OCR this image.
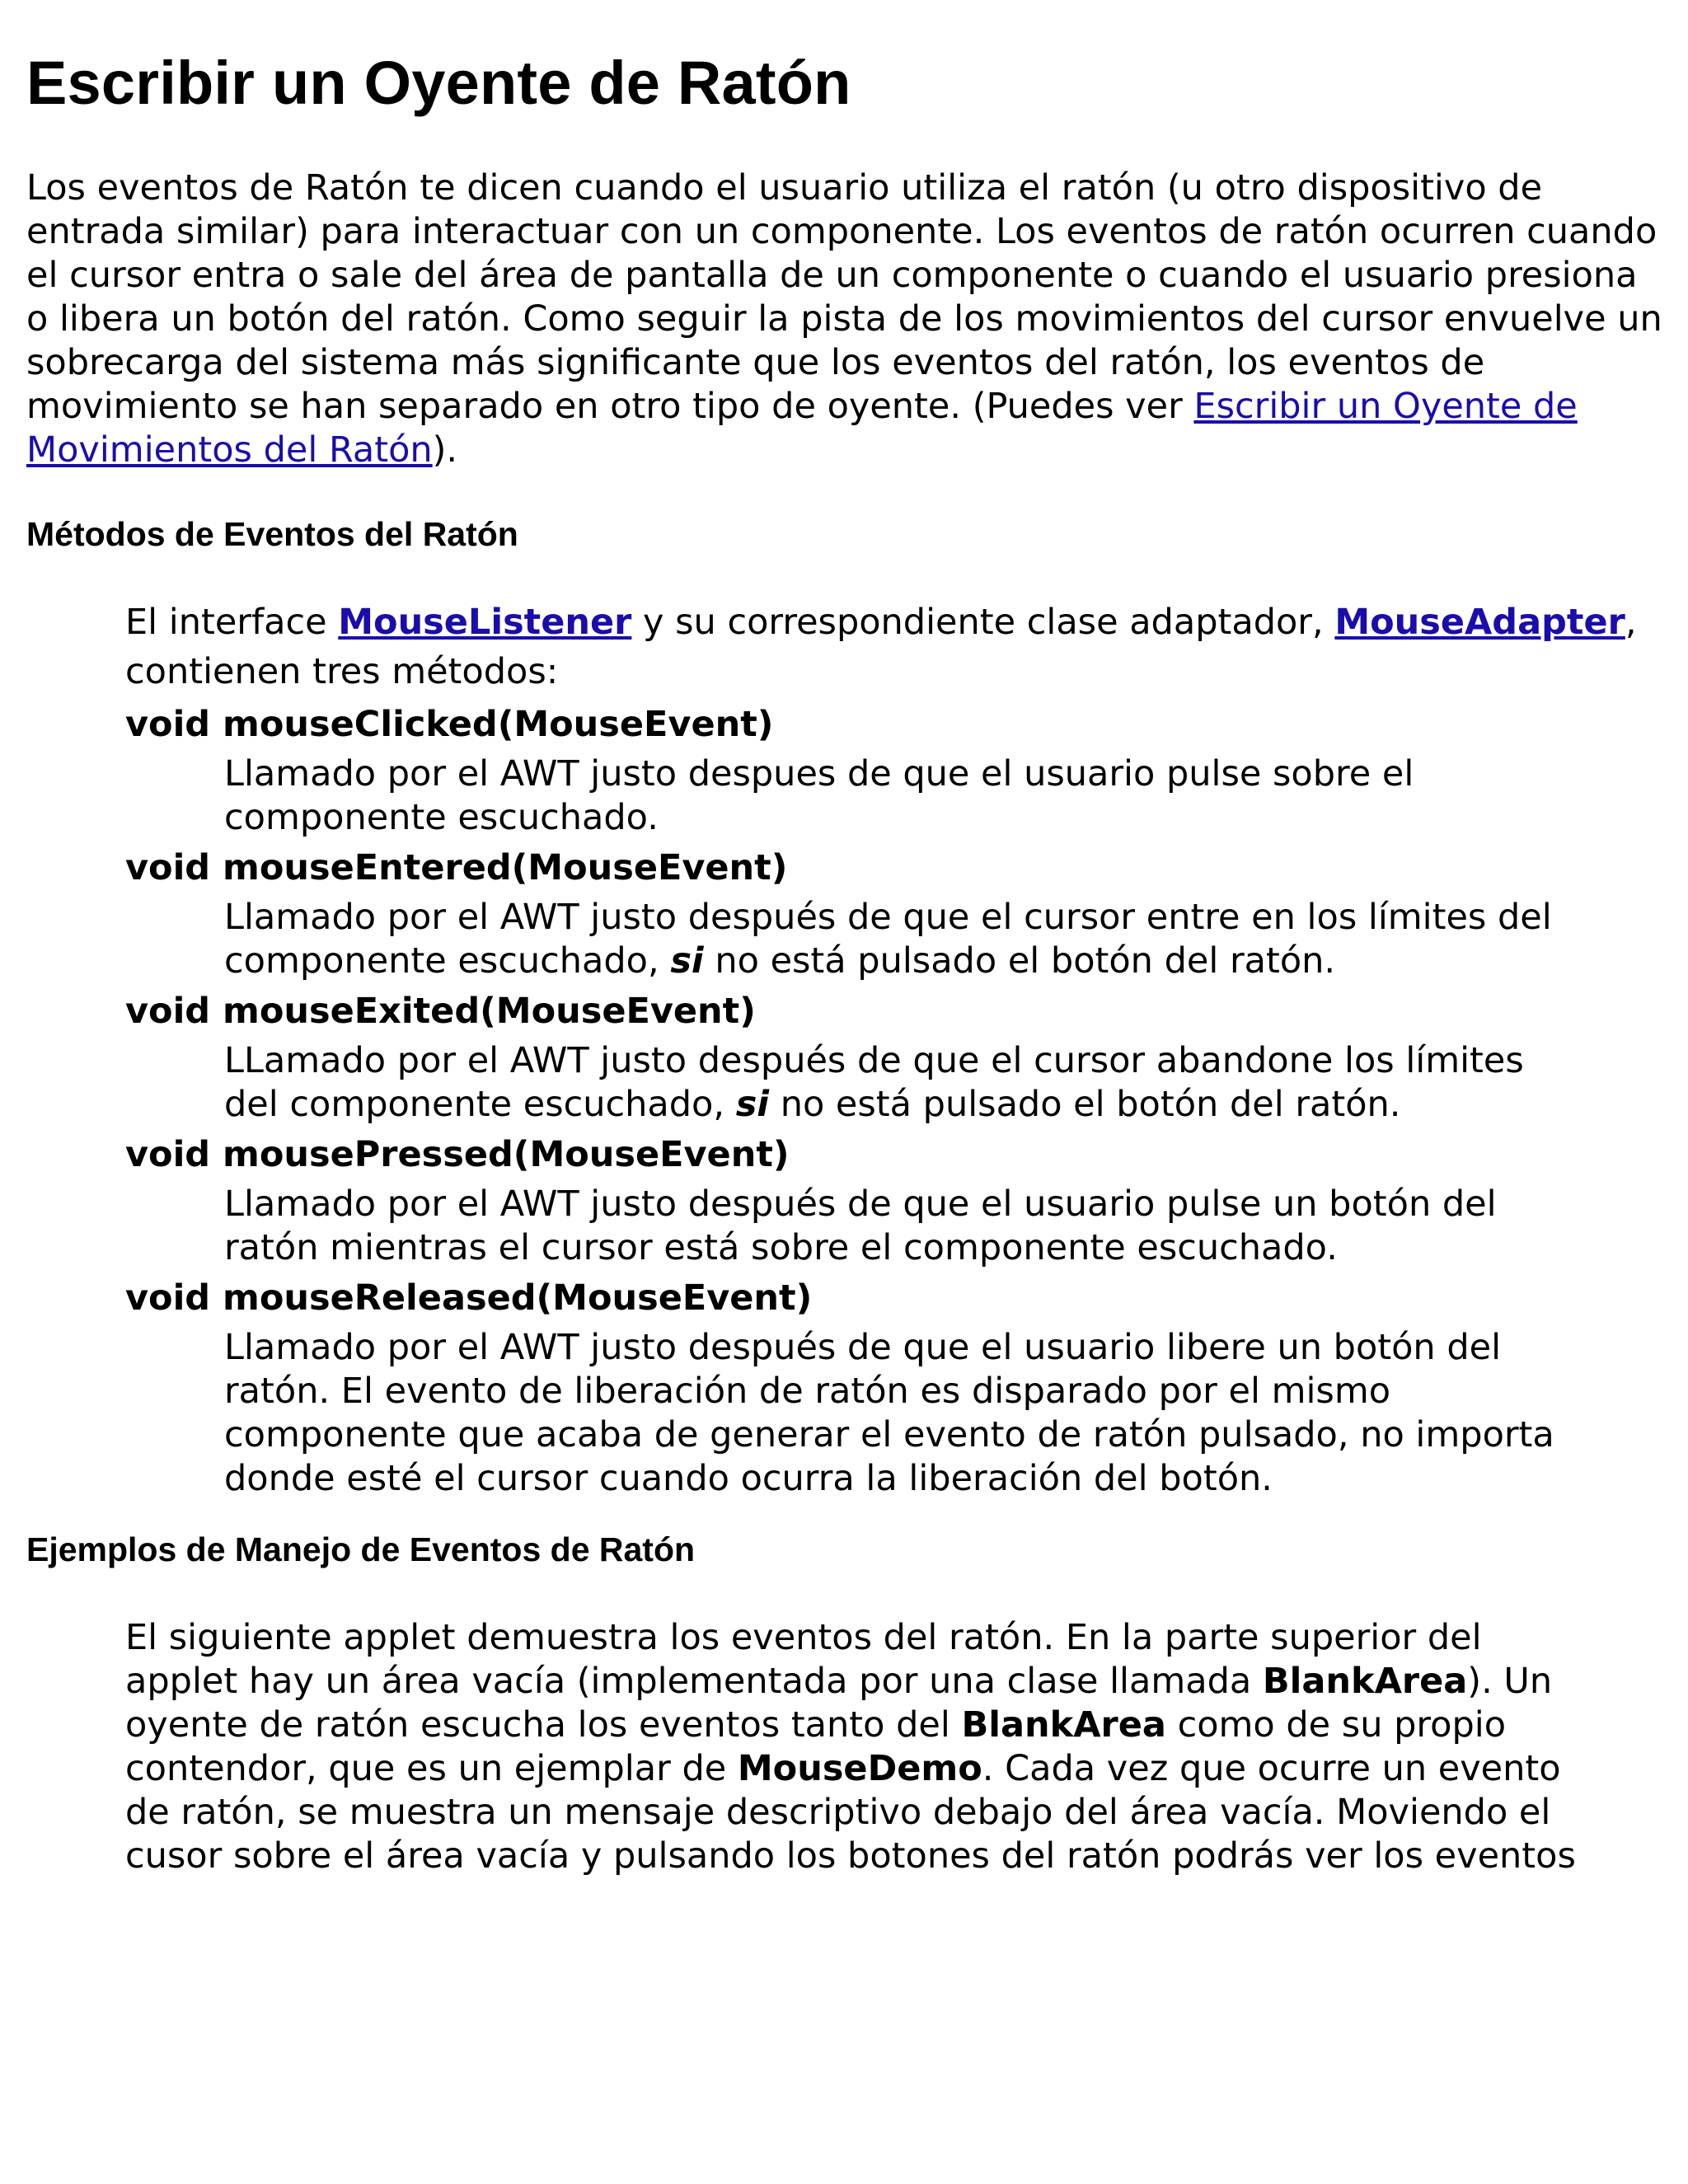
Escribir un Oyente de Ratón

Los eventos de Ratón te dicen cuando el usuario utiliza el ratón (u otro dispositivo de entrada similar) para interactuar con un componente. Los eventos de ratón ocurren cuando el cursor entra o sale del área de pantalla de un componente o cuando el usuario presiona o libera un botón del ratón. Como seguir la pista de los movimientos del cursor envuelve un sobrecarga del sistema más significante que los eventos del ratón, los eventos de movimiento se han separado en otro tipo de oyente. (Puedes ver Escribir un Oyente de Movimientos del Ratón).

Métodos de Eventos del Ratón

El interface MouseListener y su correspondiente clase adaptador, MouseAdapter, contienen tres métodos:

void mouseClicked(MouseEvent)
Llamado por el AWT justo despues de que el usuario pulse sobre el componente escuchado.
void mouseEntered(MouseEvent)
Llamado por el AWT justo después de que el cursor entre en los límites del componente escuchado, si no está pulsado el botón del ratón.
void mouseExited(MouseEvent)
LLamado por el AWT justo después de que el cursor abandone los límites del componente escuchado, si no está pulsado el botón del ratón.
void mousePressed(MouseEvent)
Llamado por el AWT justo después de que el usuario pulse un botón del ratón mientras el cursor está sobre el componente escuchado.
void mouseReleased(MouseEvent)
Llamado por el AWT justo después de que el usuario libere un botón del ratón. El evento de liberación de ratón es disparado por el mismo componente que acaba de generar el evento de ratón pulsado, no importa donde esté el cursor cuando ocurra la liberación del botón.
Ejemplos de Manejo de Eventos de Ratón

El siguiente applet demuestra los eventos del ratón. En la parte superior del applet hay un área vacía (implementada por una clase llamada BlankArea). Un oyente de ratón escucha los eventos tanto del BlankArea como de su propio contendor, que es un ejemplar de MouseDemo. Cada vez que ocurre un evento de ratón, se muestra un mensaje descriptivo debajo del área vacía. Moviendo el cusor sobre el área vacía y pulsando los botones del ratón podrás ver los eventos
